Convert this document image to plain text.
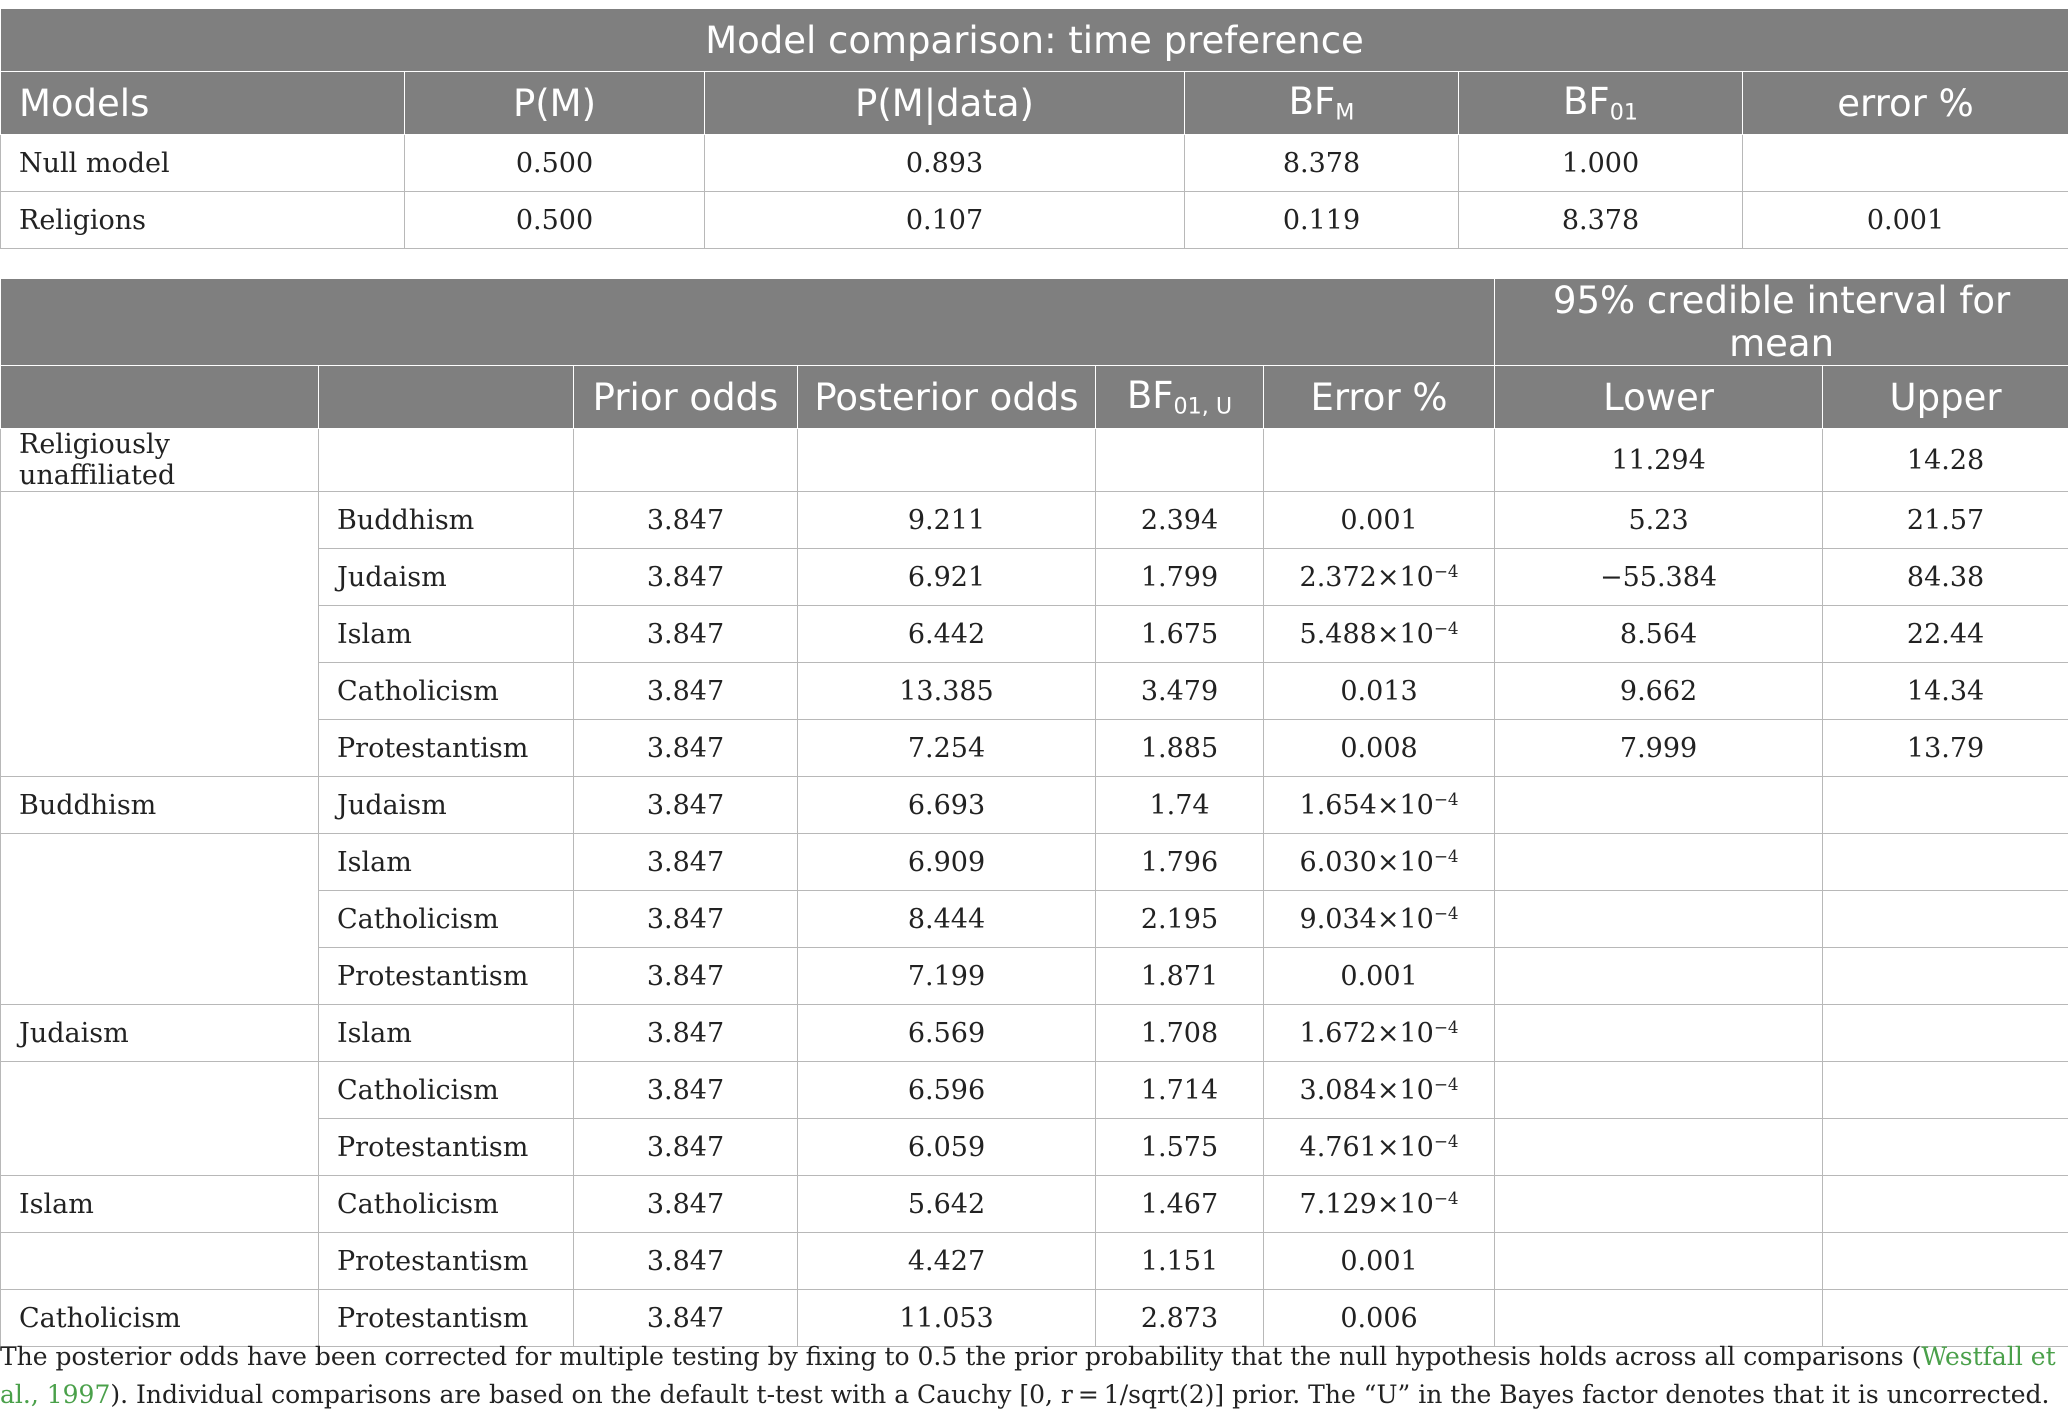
Model comparison: time preference					
Models	P(M)	P(M|data)	$BF_M$	$BF_{01}$	error %
Null model	0.500	0.893	8.378	1.000	
Religions	0.500	0.107	0.119	8.378	0.001
						95% credible interval for mean	
		Prior odds	Posterior odds	$BF_{01, U}$	Error %	Lower	Upper
Religiously unaffiliated						11.294	14.28
	Buddhism	3.847	9.211	2.394	0.001	5.23	21.57
	Judaism	3.847	6.921	1.799	$2.372\times 10^{-4}$	−55.384	84.38
	Islam	3.847	6.442	1.675	$5.488\times 10^{-4}$	8.564	22.44
	Catholicism	3.847	13.385	3.479	0.013	9.662	14.34
	Protestantism	3.847	7.254	1.885	0.008	7.999	13.79
Buddhism	Judaism	3.847	6.693	1.74	$1.654\times 10^{-4}$		
	Islam	3.847	6.909	1.796	$6.030\times 10^{-4}$		
	Catholicism	3.847	8.444	2.195	$9.034\times 10^{-4}$		
	Protestantism	3.847	7.199	1.871	0.001		
Judaism	Islam	3.847	6.569	1.708	$1.672\times 10^{-4}$		
	Catholicism	3.847	6.596	1.714	$3.084\times 10^{-4}$		
	Protestantism	3.847	6.059	1.575	$4.761\times 10^{-4}$		
Islam	Catholicism	3.847	5.642	1.467	$7.129\times 10^{-4}$		
	Protestantism	3.847	4.427	1.151	0.001		
Catholicism	Protestantism	3.847	11.053	2.873	0.006		
The posterior odds have been corrected for multiple testing by fixing to 0.5 the prior probability that the null hypothesis holds across all comparisons (Westfall et al., 1997). Individual comparisons are based on the default t-test with a Cauchy [0, r = 1/sqrt(2)] prior. The “U” in the Bayes factor denotes that it is uncorrected.
